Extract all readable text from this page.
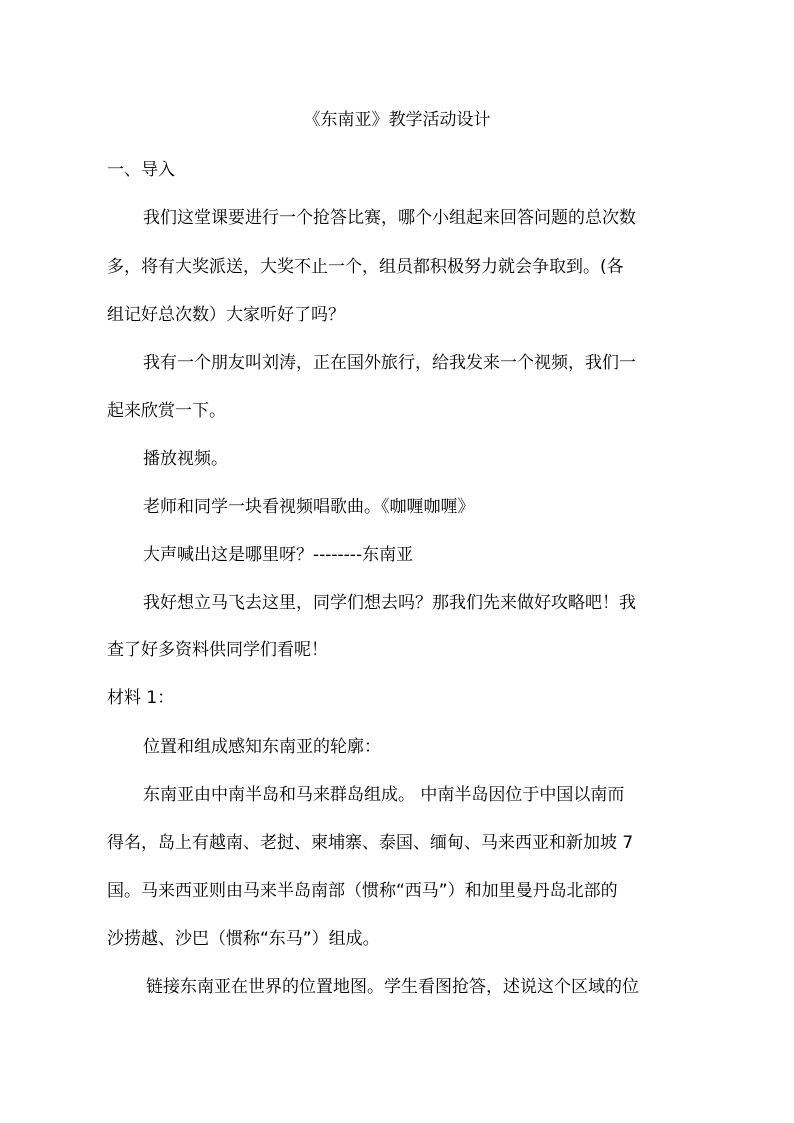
《东南亚》教学活动设计
一、导入
我们这堂课要进行一个抢答比赛，哪个小组起来回答问题的总次数
多，将有大奖派送，大奖不止一个，组员都积极努力就会争取到。(各
组记好总次数）大家听好了吗？
我有一个朋友叫刘涛，正在国外旅行，给我发来一个视频，我们一
起来欣赏一下。
播放视频。
老师和同学一块看视频唱歌曲。《咖喱咖喱》
大声喊出这是哪里呀？--------东南亚
我好想立马飞去这里，同学们想去吗？那我们先来做好攻略吧！我
查了好多资料供同学们看呢！
材料 1：
位置和组成感知东南亚的轮廓：
东南亚由中南半岛和马来群岛组成。 中南半岛因位于中国以南而
得名，岛上有越南、老挝、柬埔寨、泰国、缅甸、马来西亚和新加坡 7
国。马来西亚则由马来半岛南部（惯称“西马”）和加里曼丹岛北部的
沙捞越、沙巴（惯称“东马”）组成。
链接东南亚在世界的位置地图。学生看图抢答，述说这个区域的位
